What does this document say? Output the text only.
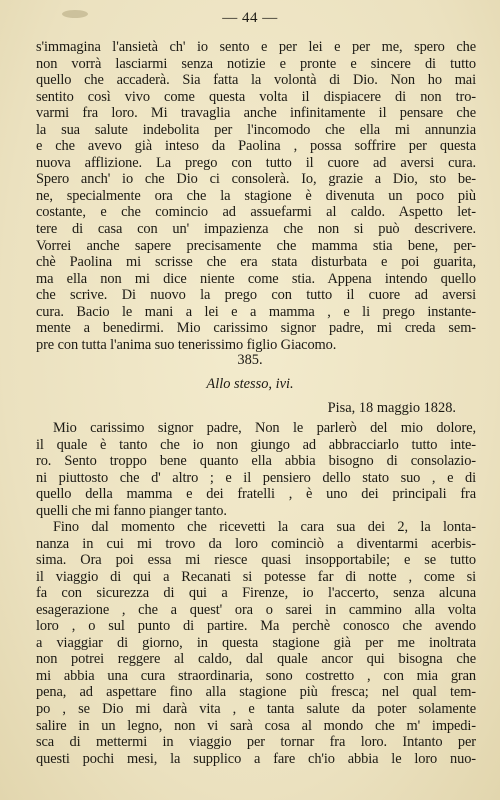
— 44 —
s'immagina l'ansietà ch' io sento e per lei e per me, spero che
non vorrà lasciarmi senza notizie e pronte e sincere di tutto
quello che accaderà. Sia fatta la volontà di Dio. Non ho mai
sentito così vivo come questa volta il dispiacere di non tro-
varmi fra loro. Mi travaglia anche infinitamente il pensare che
la sua salute indebolita per l'incomodo che ella mi annunzia
e che avevo già inteso da Paolina , possa soffrire per questa
nuova afflizione. La prego con tutto il cuore ad aversi cura.
Spero anch' io che Dio ci consolerà. Io, grazie a Dio, sto be-
ne, specialmente ora che la stagione è divenuta un poco più
costante, e che comincio ad assuefarmi al caldo. Aspetto let-
tere di casa con un' impazienza che non si può descrivere.
Vorrei anche sapere precisamente che mamma stia bene, per-
chè Paolina mi scrisse che era stata disturbata e poi guarita,
ma ella non mi dice niente come stia. Appena intendo quello
che scrive. Di nuovo la prego con tutto il cuore ad aversi
cura. Bacio le mani a lei e a mamma , e li prego instante-
mente a benedirmi. Mio carissimo signor padre, mi creda sem-
pre con tutta l'anima suo tenerissimo figlio Giacomo.
385.
Allo stesso, ivi.
Pisa, 18 maggio 1828.
Mio carissimo signor padre, Non le parlerò del mio dolore,
il quale è tanto che io non giungo ad abbracciarlo tutto inte-
ro. Sento troppo bene quanto ella abbia bisogno di consolazio-
ni piuttosto che d' altro ; e il pensiero dello stato suo , e di
quello della mamma e dei fratelli , è uno dei principali fra
quelli che mi fanno pianger tanto.
Fino dal momento che ricevetti la cara sua dei 2, la lonta-
nanza in cui mi trovo da loro cominciò a diventarmi acerbis-
sima. Ora poi essa mi riesce quasi insopportabile; e se tutto
il viaggio di qui a Recanati si potesse far di notte , come si
fa con sicurezza di qui a Firenze, io l'accerto, senza alcuna
esagerazione , che a quest' ora o sarei in cammino alla volta
loro , o sul punto di partire. Ma perchè conosco che avendo
a viaggiar di giorno, in questa stagione già per me inoltrata
non potrei reggere al caldo, dal quale ancor qui bisogna che
mi abbia una cura straordinaria, sono costretto , con mia gran
pena, ad aspettare fino alla stagione più fresca; nel qual tem-
po , se Dio mi darà vita , e tanta salute da poter solamente
salire in un legno, non vi sarà cosa al mondo che m' impedi-
sca di mettermi in viaggio per tornar fra loro. Intanto per
questi pochi mesi, la supplico a fare ch'io abbia le loro nuo-
